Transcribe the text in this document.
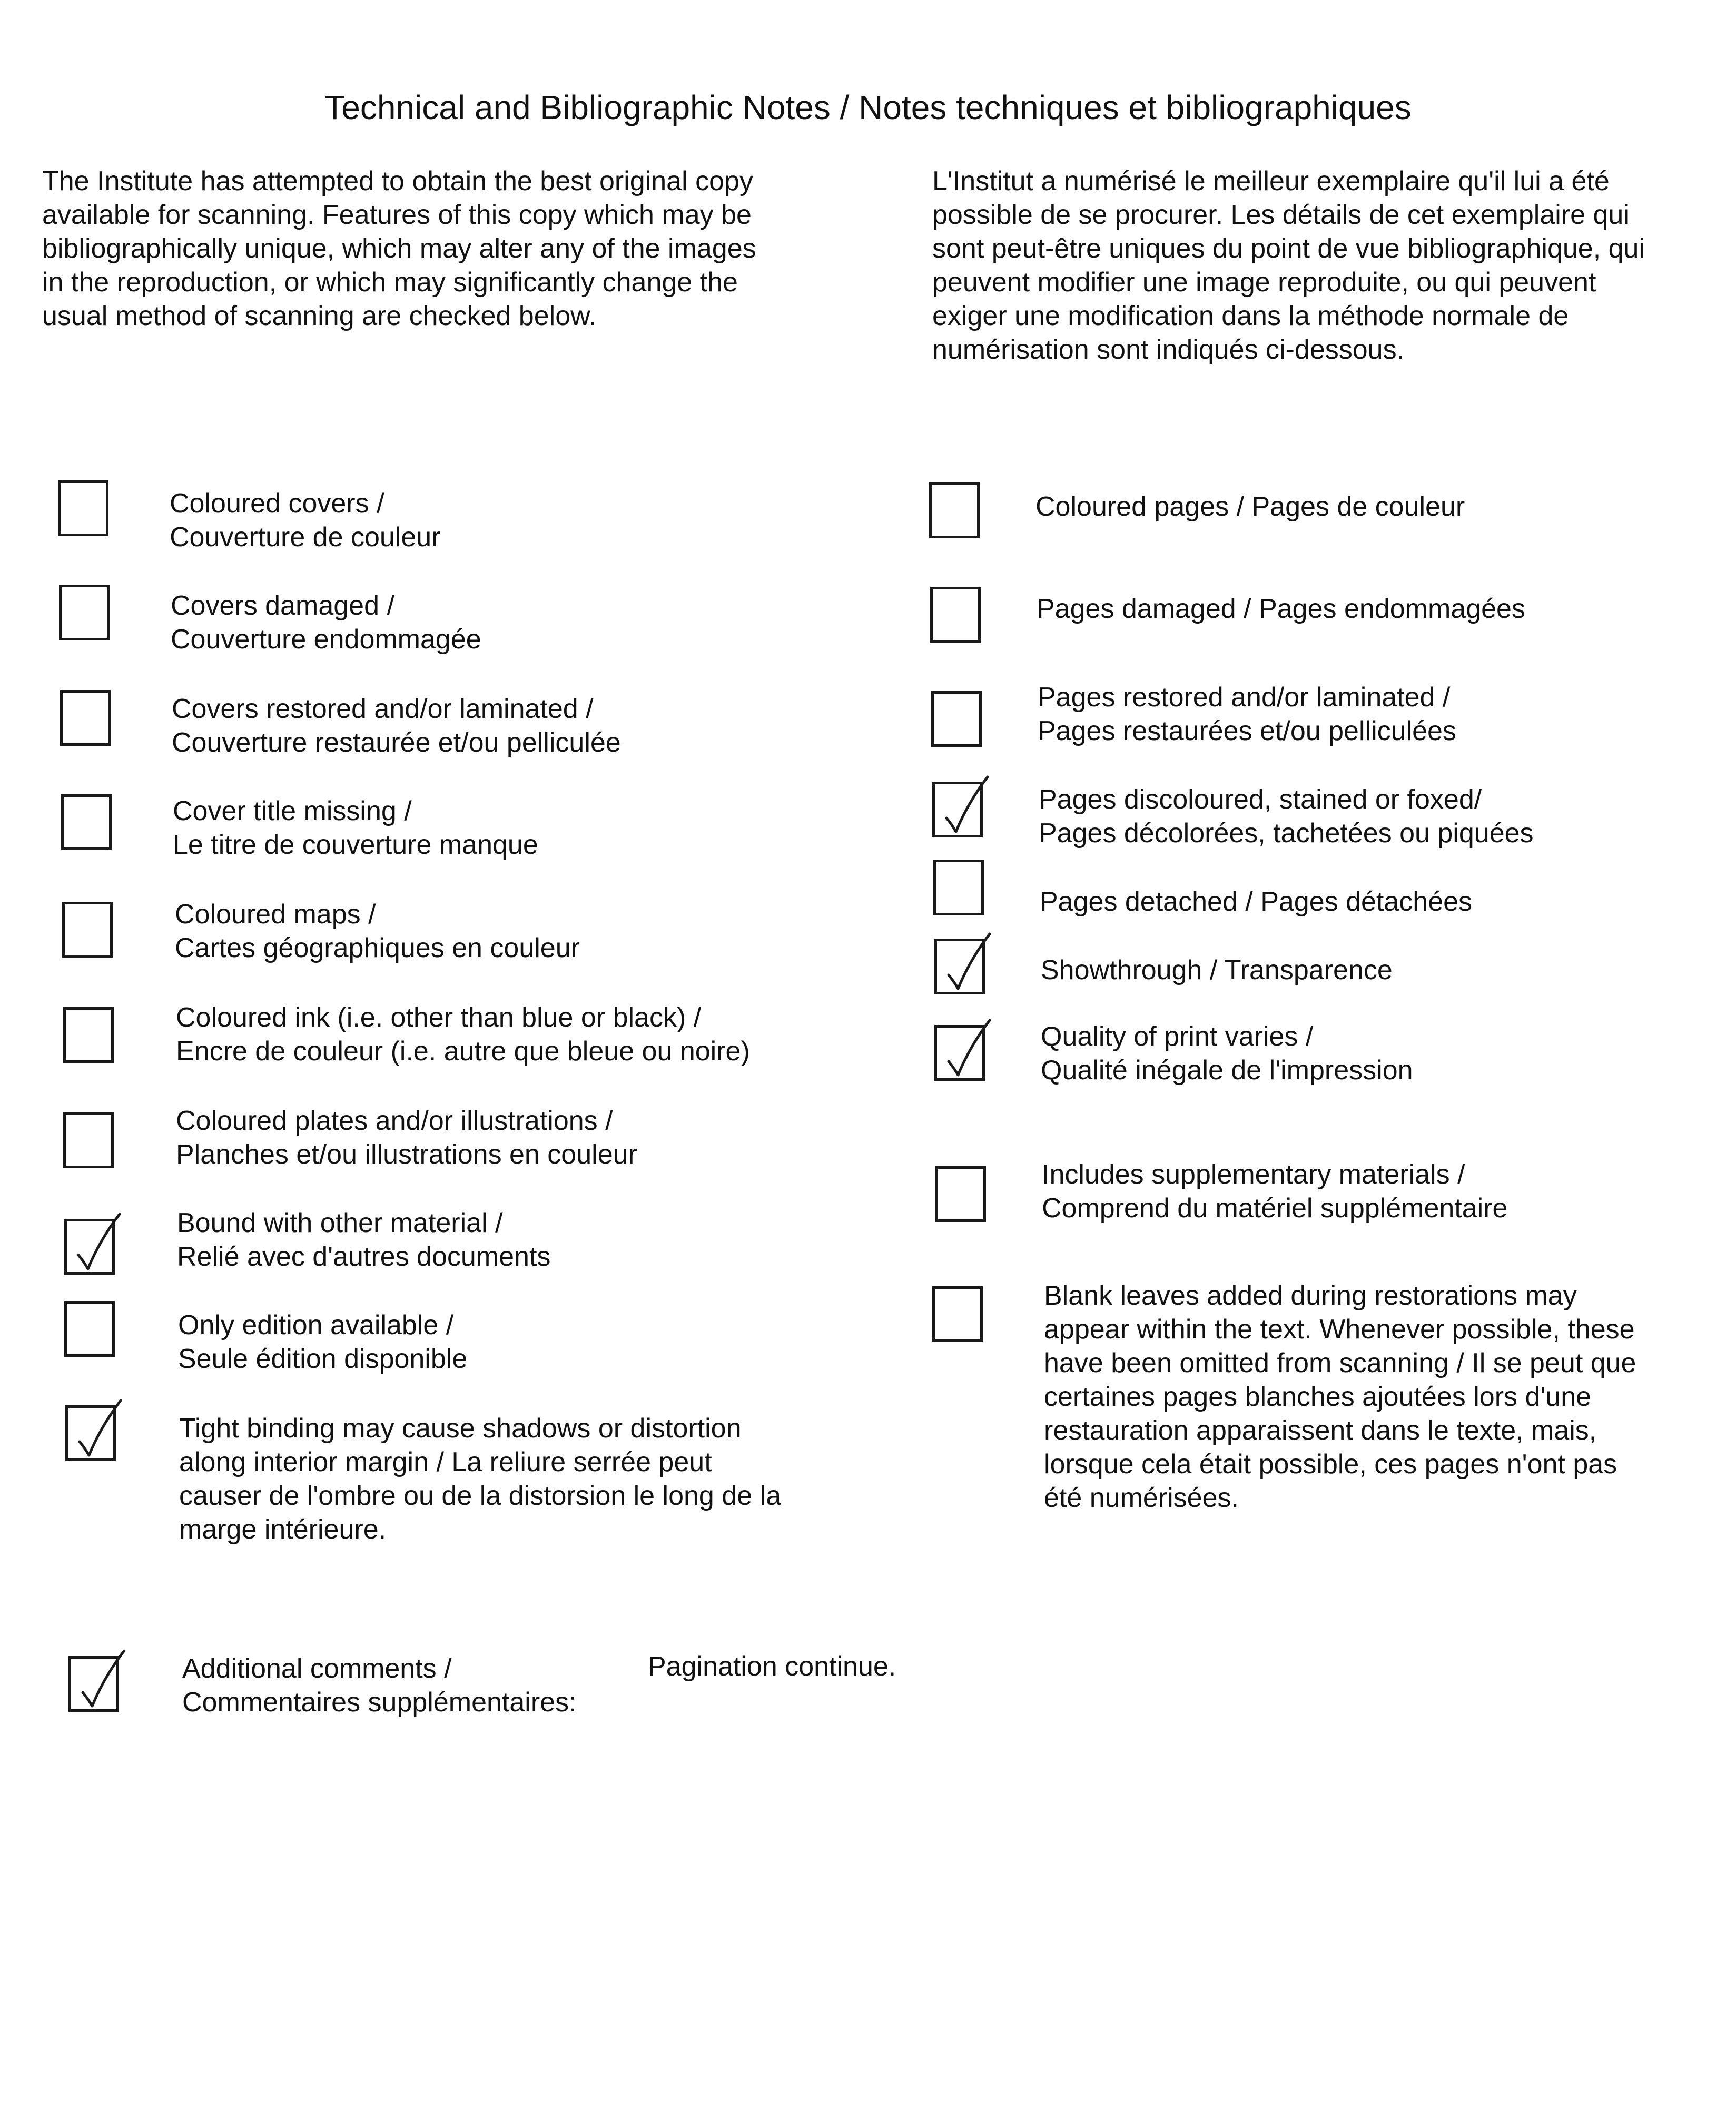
Technical and Bibliographic Notes / Notes techniques et bibliographiques
The Institute has attempted to obtain the best original copy
available for scanning. Features of this copy which may be
bibliographically unique, which may alter any of the images
in the reproduction, or which may significantly change the
usual method of scanning are checked below.
L'Institut a numérisé le meilleur exemplaire qu'il lui a été
possible de se procurer. Les détails de cet exemplaire qui
sont peut-être uniques du point de vue bibliographique, qui
peuvent modifier une image reproduite, ou qui peuvent
exiger une modification dans la méthode normale de
numérisation sont indiqués ci-dessous.
Coloured covers /
Couverture de couleur
Covers damaged /
Couverture endommagée
Covers restored and/or laminated /
Couverture restaurée et/ou pelliculée
Cover title missing /
Le titre de couverture manque
Coloured maps /
Cartes géographiques en couleur
Coloured ink (i.e. other than blue or black) /
Encre de couleur (i.e. autre que bleue ou noire)
Coloured plates and/or illustrations /
Planches et/ou illustrations en couleur
Bound with other material /
Relié avec d'autres documents
Only edition available /
Seule édition disponible
Tight binding may cause shadows or distortion
along interior margin / La reliure serrée peut
causer de l'ombre ou de la distorsion le long de la
marge intérieure.
Coloured pages / Pages de couleur
Pages damaged / Pages endommagées
Pages restored and/or laminated /
Pages restaurées et/ou pelliculées
Pages discoloured, stained or foxed/
Pages décolorées, tachetées ou piquées
Pages detached / Pages détachées
Showthrough / Transparence
Quality of print varies /
Qualité inégale de l'impression
Includes supplementary materials /
Comprend du matériel supplémentaire
Blank leaves added during restorations may
appear within the text. Whenever possible, these
have been omitted from scanning / Il se peut que
certaines pages blanches ajoutées lors d'une
restauration apparaissent dans le texte, mais,
lorsque cela était possible, ces pages n'ont pas
été numérisées.
Additional comments /
Commentaires supplémentaires:
Pagination continue.
